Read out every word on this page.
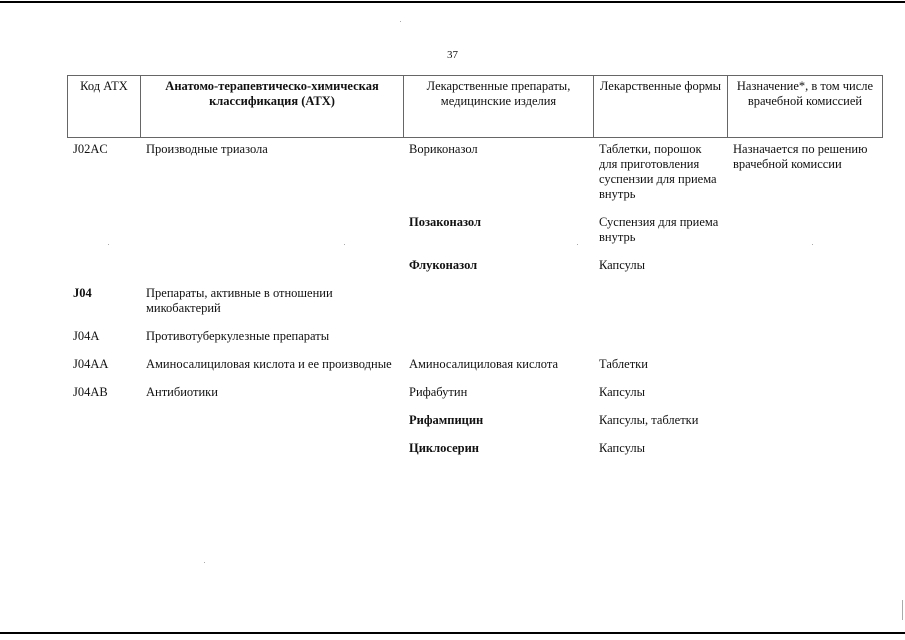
37
Код АТХ	Анатомо-терапевтическо-химическая классификация (АТХ)	Лекарственные препараты, медицинские изделия	Лекарственные формы	Назначение*, в том числе врачебной комиссией
J02AC	Производные триазола	Вориконазол	Таблетки, порошок для приготовления суспензии для приема внутрь	Назначается по решению врачебной комиссии
		Позаконазол	Суспензия для приема внутрь	
		Флуконазол	Капсулы	
J04	Препараты, активные в отношении микобактерий			
J04A	Противотуберкулезные препараты			
J04AA	Аминосалициловая кислота и ее производные	Аминосалициловая кислота	Таблетки	
J04AB	Антибиотики	Рифабутин	Капсулы	
		Рифампицин	Капсулы, таблетки	
		Циклосерин	Капсулы	
